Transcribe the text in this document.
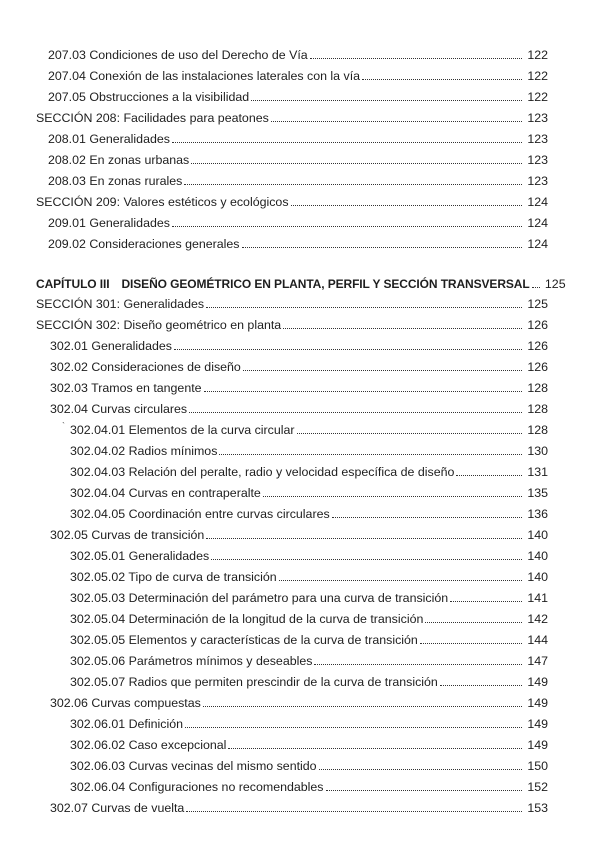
207.03 Condiciones de uso del Derecho de Vía	122
207.04 Conexión de las instalaciones laterales con la vía	122
207.05 Obstrucciones a la visibilidad	122
SECCIÓN 208: Facilidades para peatones	123
208.01 Generalidades	123
208.02 En zonas urbanas	123
208.03 En zonas rurales	123
SECCIÓN 209: Valores estéticos y ecológicos	124
209.01 Generalidades	124
209.02 Consideraciones generales	124
CAPÍTULO III DISEÑO GEOMÉTRICO EN PLANTA, PERFIL Y SECCIÓN TRANSVERSAL	125
SECCIÓN 301: Generalidades	125
SECCIÓN 302: Diseño geométrico en planta	126
302.01 Generalidades	126
302.02 Consideraciones de diseño	126
302.03 Tramos en tangente	128
302.04 Curvas circulares	128
` 302.04.01 Elementos de la curva circular	128
302.04.02 Radios mínimos	130
302.04.03 Relación del peralte, radio y velocidad específica de diseño	131
302.04.04 Curvas en contraperalte	135
302.04.05 Coordinación entre curvas circulares	136
302.05 Curvas de transición	140
302.05.01 Generalidades	140
302.05.02 Tipo de curva de transición	140
302.05.03 Determinación del parámetro para una curva de transición	141
302.05.04 Determinación de la longitud de la curva de transición	142
302.05.05 Elementos y características de la curva de transición	144
302.05.06 Parámetros mínimos y deseables	147
302.05.07 Radios que permiten prescindir de la curva de transición	149
302.06 Curvas compuestas	149
302.06.01 Definición	149
302.06.02 Caso excepcional	149
302.06.03 Curvas vecinas del mismo sentido	150
302.06.04 Configuraciones no recomendables	152
302.07 Curvas de vuelta	153
